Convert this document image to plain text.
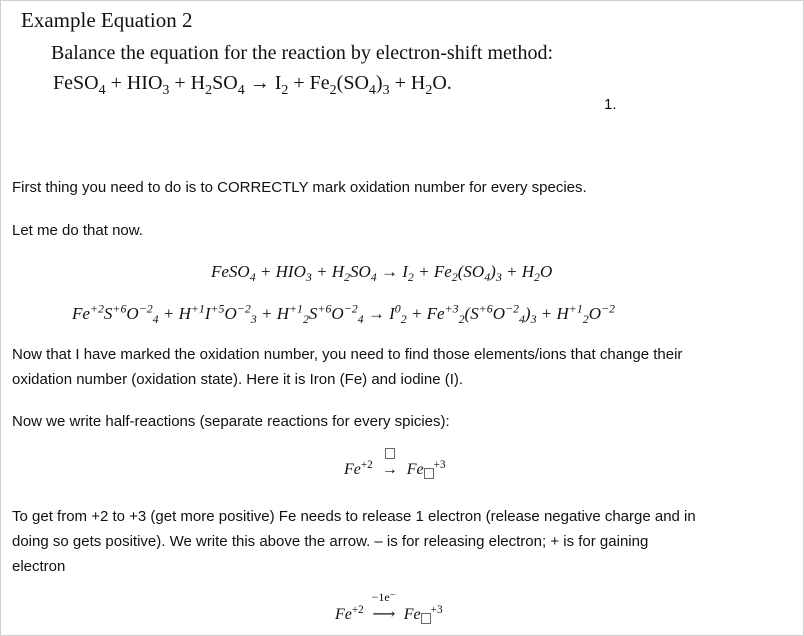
Example Equation 2
Balance the equation for the reaction by electron-shift method:
FeSO$_4$ + $HIO_3 + H_2SO_4 \to I_2 + Fe_2(SO_4)_3 + H_2O$.
1.
First thing you need to do is to CORRECTLY mark oxidation number for every species.
Let me do that now.
FeSO$_4$ + $HIO_3 + H_2SO_4 \to I_2 + Fe_2(SO_4)_3 + H_2O$
$Fe^{+2}S^{+6}O^{-2}_4 + H^{+1}I^{+5}O^{-2}_3 + H^{+1}_2S^{+6}O^{-2}_4 \to I^0_2 + Fe^{+3}_2(S^{+6}O^{-2}_4)_3 + H^{+1}_2O^{-2}$
Now that I have marked the oxidation number, you need to find those elements/ions that change their
oxidation number (oxidation state). Here it is Iron (Fe) and iodine (I).
Now we write half-reactions (separate reactions for every spicies):
$Fe^{+2} \to Fe$ $^{+3}$
To get from +2 to +3 (get more positive) Fe needs to release 1 electron (release negative charge and in
doing so gets positive). We write this above the arrow. – is for releasing electron; + is for gaining
electron
$Fe^{+2}$
−1e⁻
⟶ Fe $^{+3}$
